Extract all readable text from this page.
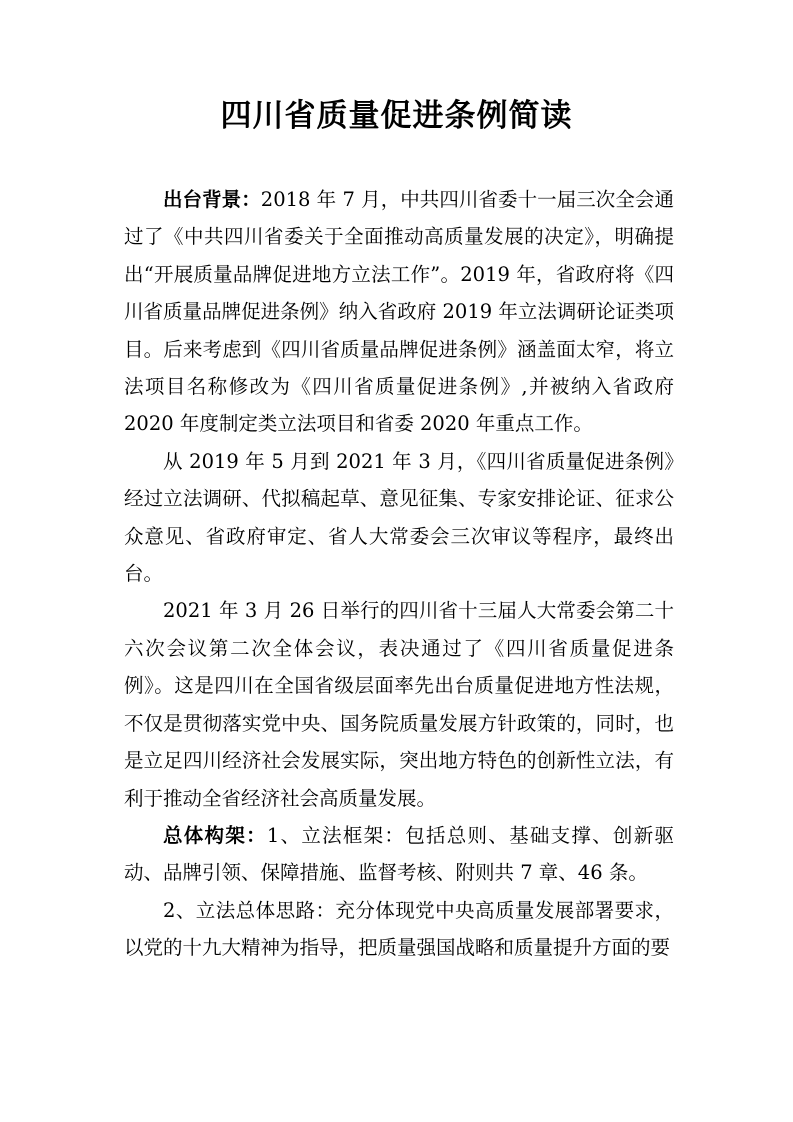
四川省质量促进条例简读

出台背景：2018 年 7 月，中共四川省委十一届三次全会通过了《中共四川省委关于全面推动高质量发展的决定》，明确提出“开展质量品牌促进地方立法工作”。2019 年，省政府将《四川省质量品牌促进条例》纳入省政府 2019 年立法调研论证类项目。后来考虑到《四川省质量品牌促进条例》涵盖面太窄，将立法项目名称修改为《四川省质量促进条例》,并被纳入省政府 2020 年度制定类立法项目和省委 2020 年重点工作。

从 2019 年 5 月到 2021 年 3 月，《四川省质量促进条例》经过立法调研、代拟稿起草、意见征集、专家安排论证、征求公众意见、省政府审定、省人大常委会三次审议等程序，最终出台。

2021 年 3 月 26 日举行的四川省十三届人大常委会第二十六次会议第二次全体会议，表决通过了《四川省质量促进条例》。这是四川在全国省级层面率先出台质量促进地方性法规，不仅是贯彻落实党中央、国务院质量发展方针政策的，同时，也是立足四川经济社会发展实际，突出地方特色的创新性立法，有利于推动全省经济社会高质量发展。

总体构架：1、立法框架：包括总则、基础支撑、创新驱动、品牌引领、保障措施、监督考核、附则共 7 章、46 条。

2、立法总体思路：充分体现党中央高质量发展部署要求，以党的十九大精神为指导，把质量强国战略和质量提升方面的要
